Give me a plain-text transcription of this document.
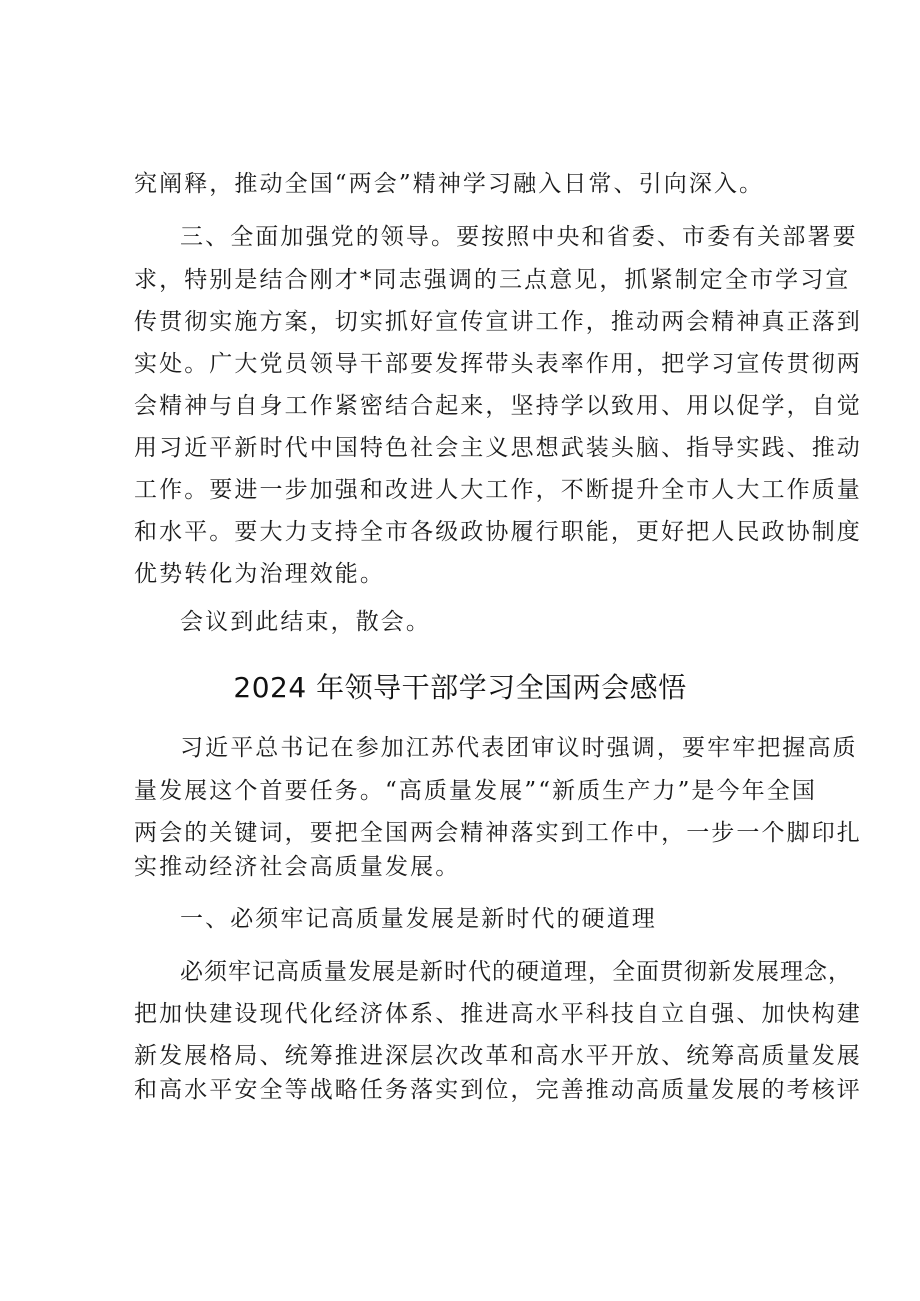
究阐释，推动全国“两会”精神学习融入日常、引向深入。
三、全面加强党的领导。要按照中央和省委、市委有关部署要
求，特别是结合刚才*同志强调的三点意见，抓紧制定全市学习宣
传贯彻实施方案，切实抓好宣传宣讲工作，推动两会精神真正落到
实处。广大党员领导干部要发挥带头表率作用，把学习宣传贯彻两
会精神与自身工作紧密结合起来，坚持学以致用、用以促学，自觉
用习近平新时代中国特色社会主义思想武装头脑、指导实践、推动
工作。要进一步加强和改进人大工作，不断提升全市人大工作质量
和水平。要大力支持全市各级政协履行职能，更好把人民政协制度
优势转化为治理效能。
会议到此结束，散会。
2024 年领导干部学习全国两会感悟
习近平总书记在参加江苏代表团审议时强调，要牢牢把握高质
量发展这个首要任务。“高质量发展”“新质生产力”是今年全国
两会的关键词，要把全国两会精神落实到工作中，一步一个脚印扎
实推动经济社会高质量发展。
一、必须牢记高质量发展是新时代的硬道理
必须牢记高质量发展是新时代的硬道理，全面贯彻新发展理念，
把加快建设现代化经济体系、推进高水平科技自立自强、加快构建
新发展格局、统筹推进深层次改革和高水平开放、统筹高质量发展
和高水平安全等战略任务落实到位，完善推动高质量发展的考核评
